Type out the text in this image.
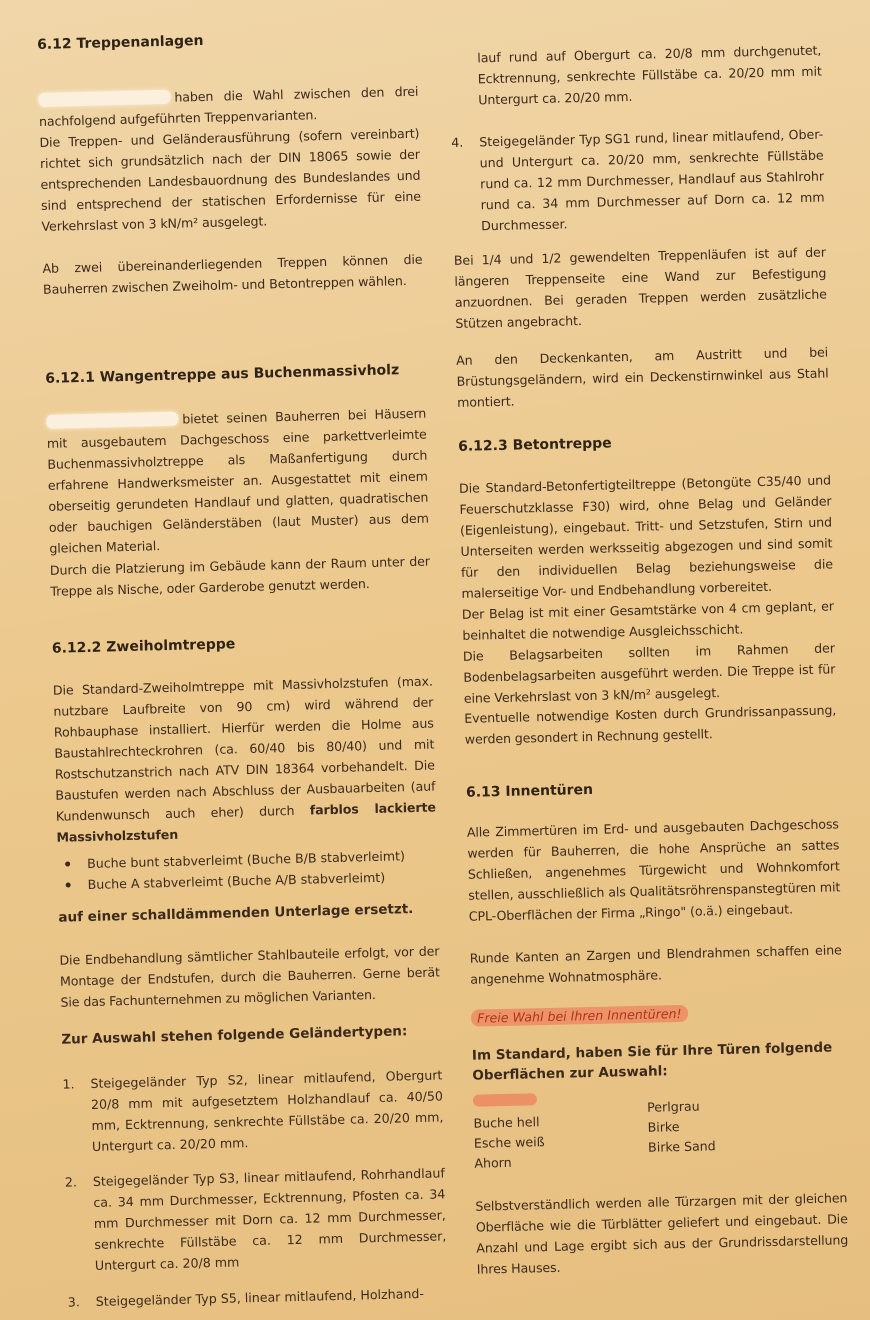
6.12 Treppenanlagen

haben die Wahl zwischen den drei nachfolgend aufgeführten Treppenvarianten.

Die Treppen- und Geländerausführung (sofern vereinbart) richtet sich grundsätzlich nach der DIN 18065 sowie der entsprechenden Landesbauordnung des Bundeslandes und sind entsprechend der statischen Erfordernisse für eine Verkehrslast von 3 kN/m² ausgelegt.

Ab zwei übereinanderliegenden Treppen können die Bauherren zwischen Zweiholm- und Betontreppen wählen.

6.12.1 Wangentreppe aus Buchenmassivholz

bietet seinen Bauherren bei Häusern mit ausgebautem Dachgeschoss eine parkettverleimte Buchenmassivholztreppe als Maßanfertigung durch erfahrene Handwerksmeister an. Ausgestattet mit einem oberseitig gerundeten Handlauf und glatten, quadratischen oder bauchigen Geländerstäben (laut Muster) aus dem gleichen Material.

Durch die Platzierung im Gebäude kann der Raum unter der Treppe als Nische, oder Garderobe genutzt werden.

6.12.2 Zweiholmtreppe

Die Standard-Zweiholmtreppe mit Massivholzstufen (max. nutzbare Laufbreite von 90 cm) wird während der Rohbauphase installiert. Hierfür werden die Holme aus Baustahlrechteckrohren (ca. 60/40 bis 80/40) und mit Rostschutzanstrich nach ATV DIN 18364 vorbehandelt. Die Baustufen werden nach Abschluss der Ausbauarbeiten (auf Kundenwunsch auch eher) durch farblos lackierte Massivholzstufen

Buche bunt stabverleimt (Buche B/B stabverleimt)
Buche A stabverleimt (Buche A/B stabverleimt)
auf einer schalldämmenden Unterlage ersetzt.

Die Endbehandlung sämtlicher Stahlbauteile erfolgt, vor der Montage der Endstufen, durch die Bauherren. Gerne berät Sie das Fachunternehmen zu möglichen Varianten.

Zur Auswahl stehen folgende Geländertypen:
1. Steigegeländer Typ S2, linear mitlaufend, Obergurt 20/8 mm mit aufgesetztem Holzhandlauf ca. 40/50 mm, Ecktrennung, senkrechte Füllstäbe ca. 20/20 mm, Untergurt ca. 20/20 mm.
2. Steigegeländer Typ S3, linear mitlaufend, Rohrhandlauf ca. 34 mm Durchmesser, Ecktrennung, Pfosten ca. 34 mm Durchmesser mit Dorn ca. 12 mm Durchmesser, senkrechte Füllstäbe ca. 12 mm Durchmesser, Untergurt ca. 20/8 mm
3. Steigegeländer Typ S5, linear mitlaufend, Holzhand-

lauf rund auf Obergurt ca. 20/8 mm durchgenutet, Ecktrennung, senkrechte Füllstäbe ca. 20/20 mm mit Untergurt ca. 20/20 mm.

4. Steigegeländer Typ SG1 rund, linear mitlaufend, Ober- und Untergurt ca. 20/20 mm, senkrechte Füllstäbe rund ca. 12 mm Durchmesser, Handlauf aus Stahlrohr rund ca. 34 mm Durchmesser auf Dorn ca. 12 mm Durchmesser.

Bei 1/4 und 1/2 gewendelten Treppenläufen ist auf der längeren Treppenseite eine Wand zur Befestigung anzuordnen. Bei geraden Treppen werden zusätzliche Stützen angebracht.

An den Deckenkanten, am Austritt und bei Brüstungsgeländern, wird ein Deckenstirnwinkel aus Stahl montiert.

6.12.3 Betontreppe

Die Standard-Betonfertigteiltreppe (Betongüte C35/40 und Feuerschutzklasse F30) wird, ohne Belag und Geländer (Eigenleistung), eingebaut. Tritt- und Setzstufen, Stirn und Unterseiten werden werksseitig abgezogen und sind somit für den individuellen Belag beziehungsweise die malerseitige Vor- und Endbehandlung vorbereitet.

Der Belag ist mit einer Gesamtstärke von 4 cm geplant, er beinhaltet die notwendige Ausgleichsschicht.

Die Belagsarbeiten sollten im Rahmen der Bodenbelagsarbeiten ausgeführt werden. Die Treppe ist für eine Verkehrslast von 3 kN/m² ausgelegt.

Eventuelle notwendige Kosten durch Grundrissanpassung, werden gesondert in Rechnung gestellt.

6.13 Innentüren

Alle Zimmertüren im Erd- und ausgebauten Dachgeschoss werden für Bauherren, die hohe Ansprüche an sattes Schließen, angenehmes Türgewicht und Wohnkomfort stellen, ausschließlich als Qualitätsröhrenspanstegtüren mit CPL-Oberflächen der Firma „Ringo" (o.ä.) eingebaut.

Runde Kanten an Zargen und Blendrahmen schaffen eine angenehme Wohnatmosphäre.

Freie Wahl bei Ihren Innentüren!
Im Standard, haben Sie für Ihre Türen folgende Oberflächen zur Auswahl:
Buche hell
Esche weiß
Ahorn
Perlgrau
Birke
Birke Sand

Selbstverständlich werden alle Türzargen mit der gleichen Oberfläche wie die Türblätter geliefert und eingebaut. Die Anzahl und Lage ergibt sich aus der Grundrissdarstellung Ihres Hauses.
